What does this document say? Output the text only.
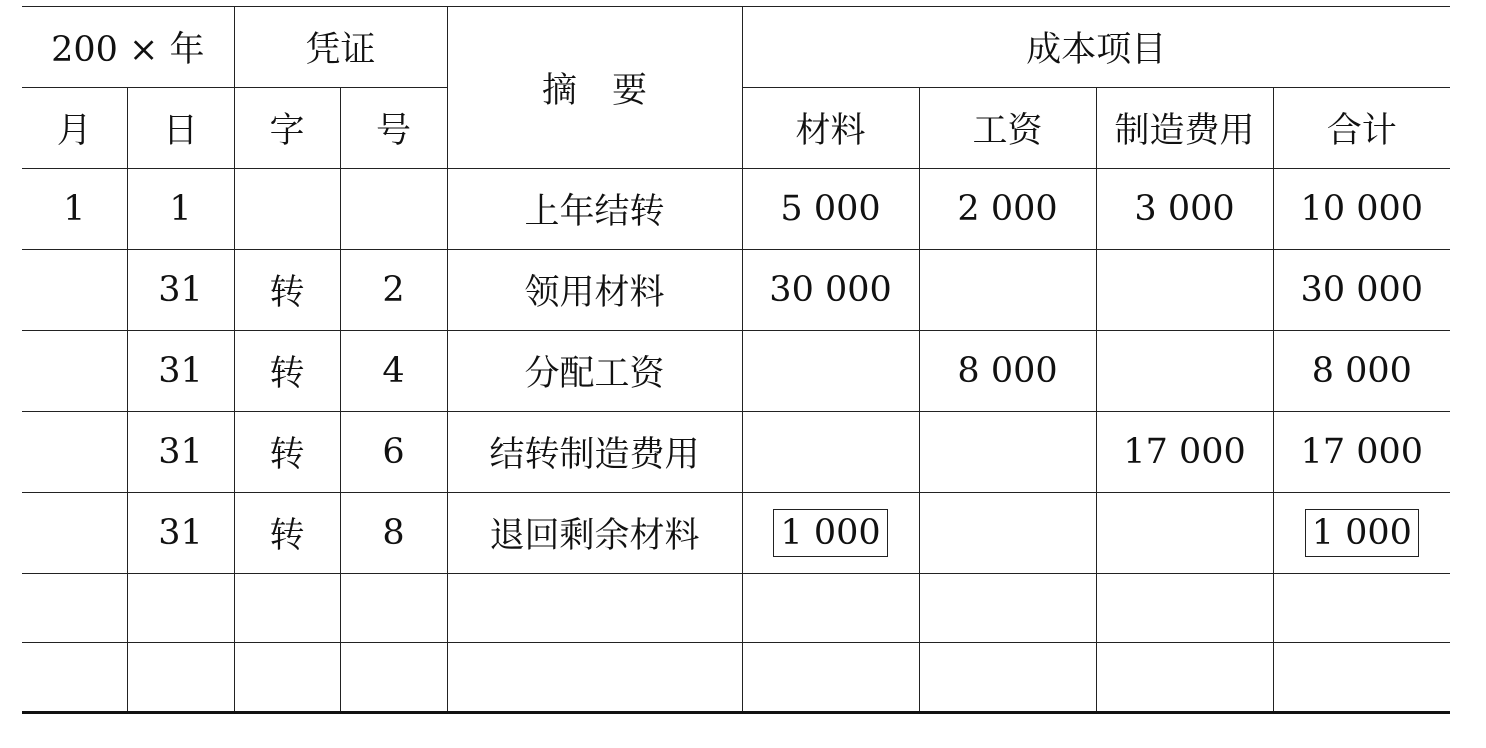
200 × 年		凭证		摘　要	成本项目			
月	日	字	号		材料	工资	制造费用	合计
1	1			上年结转	5 000	2 000	3 000	10 000
	31	转	2	领用材料	30 000			30 000
	31	转	4	分配工资		8 000		8 000
	31	转	6	结转制造费用			17 000	17 000
	31	转	8	退回剩余材料	1 000			1 000
